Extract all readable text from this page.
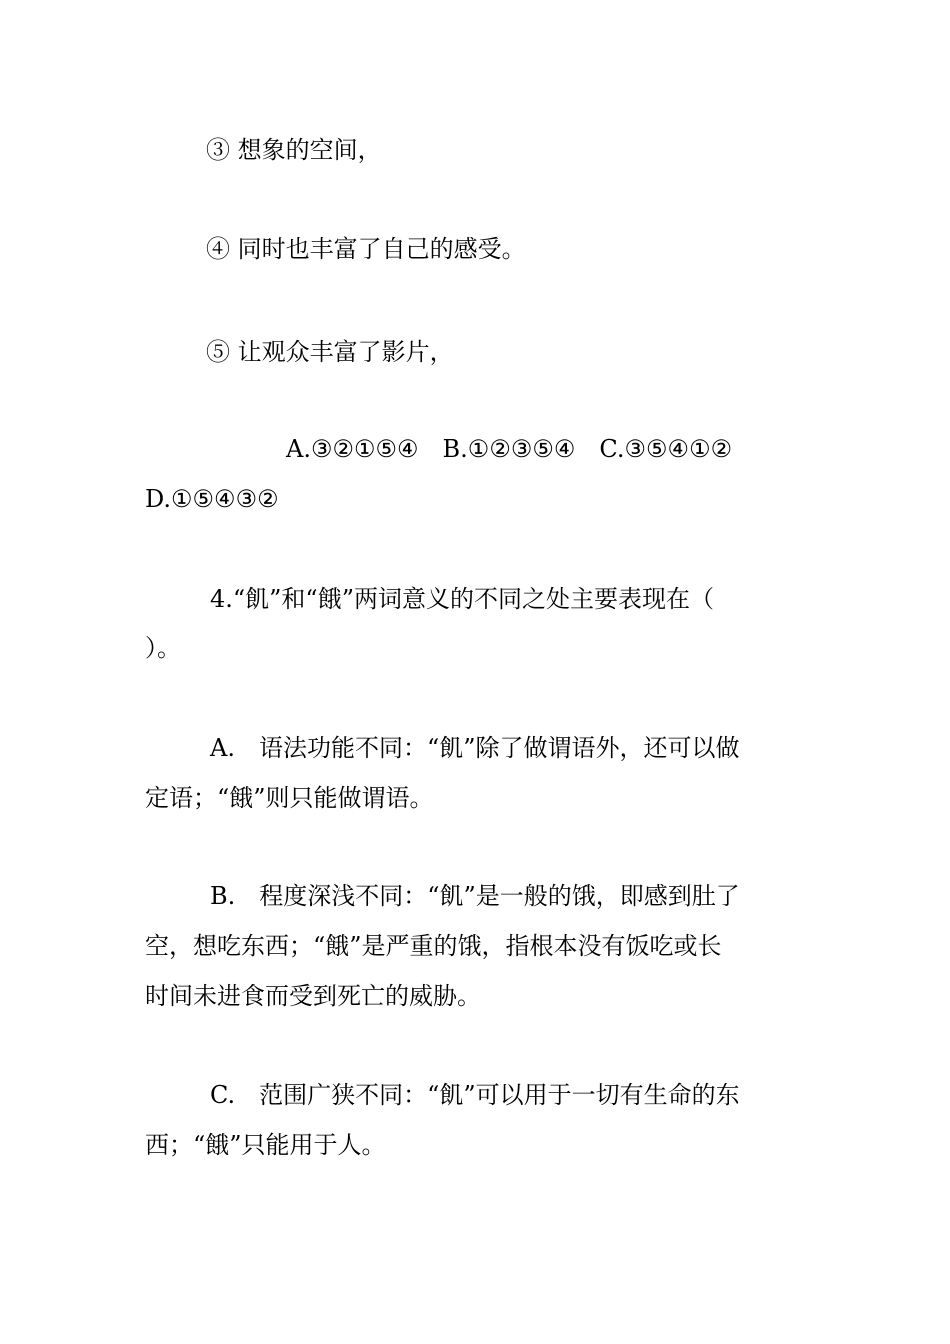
③ 想象的空间，
④ 同时也丰富了自己的感受。
⑤ 让观众丰富了影片，
A.③②①⑤④　B.①②③⑤④　C.③⑤④①②
D.①⑤④③②
4.“飢”和“餓”两词意义的不同之处主要表现在（
）。
A.　语法功能不同：“飢”除了做谓语外，还可以做
定语；“餓”则只能做谓语。
B.　程度深浅不同：“飢”是一般的饿，即感到肚了
空，想吃东西；“餓”是严重的饿，指根本没有饭吃或长
时间未进食而受到死亡的威胁。
C.　范围广狭不同：“飢”可以用于一切有生命的东
西；“餓”只能用于人。
